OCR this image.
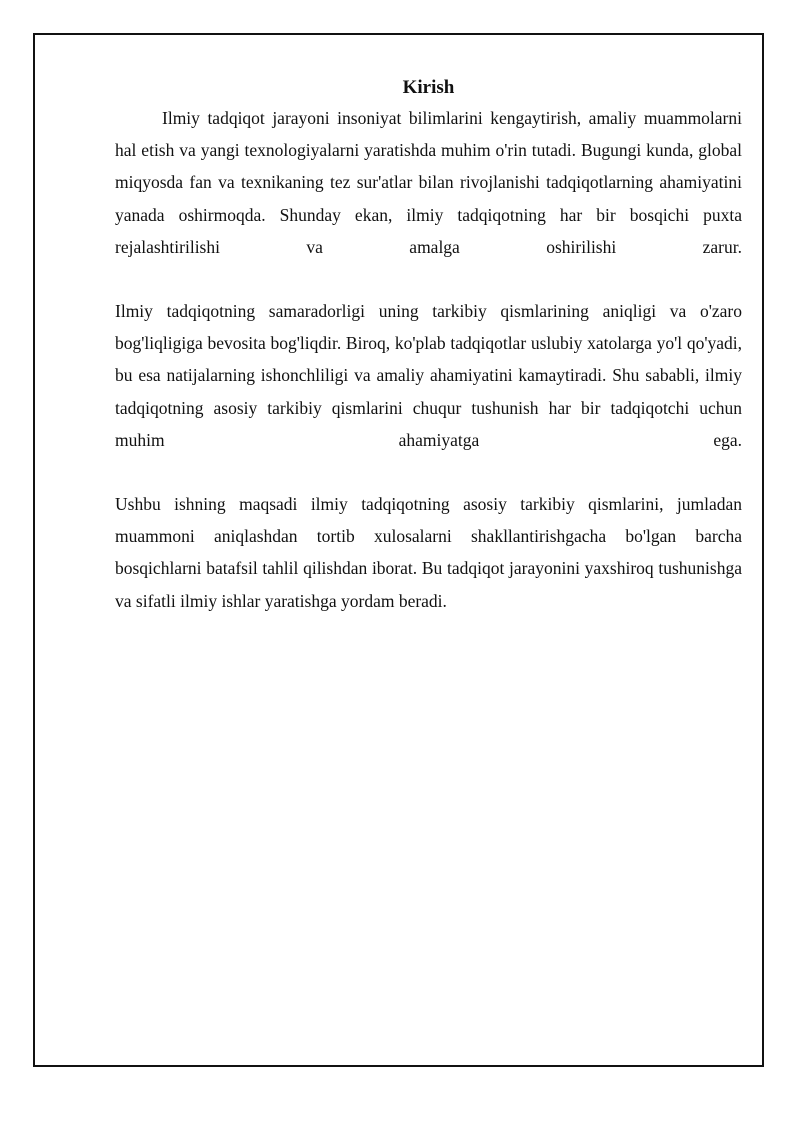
Kirish

Ilmiy tadqiqot jarayoni insoniyat bilimlarini kengaytirish, amaliy muammolarni hal etish va yangi texnologiyalarni yaratishda muhim o'rin tutadi. Bugungi kunda, global miqyosda fan va texnikaning tez sur'atlar bilan rivojlanishi tadqiqotlarning ahamiyatini yanada oshirmoqda. Shunday ekan, ilmiy tadqiqotning har bir bosqichi puxta rejalashtirilishi va amalga oshirilishi zarur.

Ilmiy tadqiqotning samaradorligi uning tarkibiy qismlarining aniqligi va o'zaro bog'liqligiga bevosita bog'liqdir. Biroq, ko'plab tadqiqotlar uslubiy xatolarga yo'l qo'yadi, bu esa natijalarning ishonchliligi va amaliy ahamiyatini kamaytiradi. Shu sababli, ilmiy tadqiqotning asosiy tarkibiy qismlarini chuqur tushunish har bir tadqiqotchi uchun muhim ahamiyatga ega.

Ushbu ishning maqsadi ilmiy tadqiqotning asosiy tarkibiy qismlarini, jumladan muammoni aniqlashdan tortib xulosalarni shakllantirishgacha bo'lgan barcha bosqichlarni batafsil tahlil qilishdan iborat. Bu tadqiqot jarayonini yaxshiroq tushunishga va sifatli ilmiy ishlar yaratishga yordam beradi.
